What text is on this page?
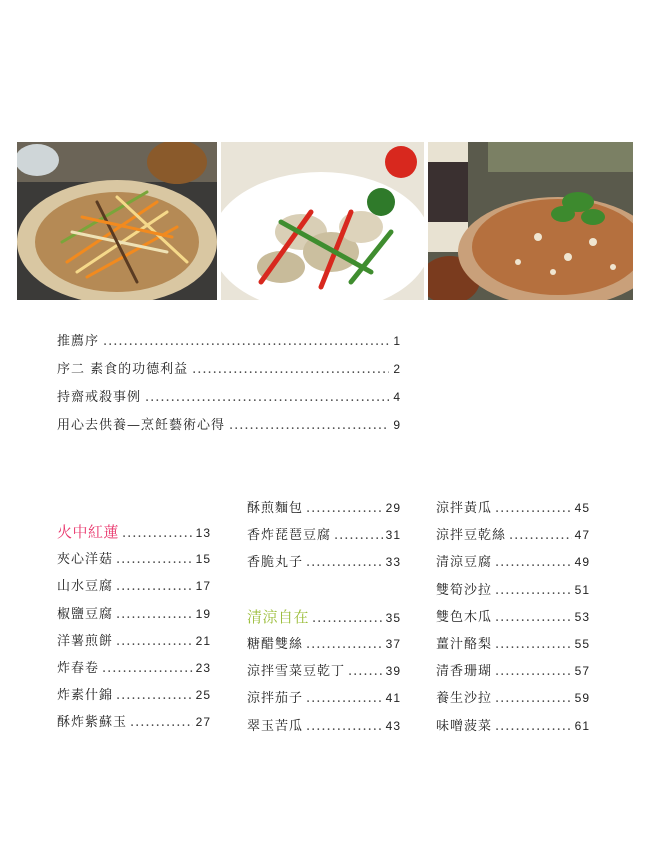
推薦序 .....	1
序二 素食的功德利益 .....	2
持齋戒殺事例 .....	4
用心去供養—烹飪藝術心得 .....	9
火中紅蓮 .....	13
夾心洋菇 .....	15
山水豆腐 .....	17
椒鹽豆腐 .....	19
洋薯煎餅 .....	21
炸春卷 .....	23
炸素什錦 .....	25
酥炸紫蘇玉 .....	27
酥煎麵包 .....	29
香炸琵琶豆腐 .....	31
香脆丸子 .....	33
清涼自在 .....	35
糖醋雙絲 .....	37
涼拌雪菜豆乾丁 .....	39
涼拌茄子 .....	41
翠玉苦瓜 .....	43
涼拌黃瓜 .....	45
涼拌豆乾絲 .....	47
清涼豆腐 .....	49
雙筍沙拉 .....	51
雙色木瓜 .....	53
薑汁酪梨 .....	55
清香珊瑚 .....	57
養生沙拉 .....	59
味噌菠菜 .....	61
